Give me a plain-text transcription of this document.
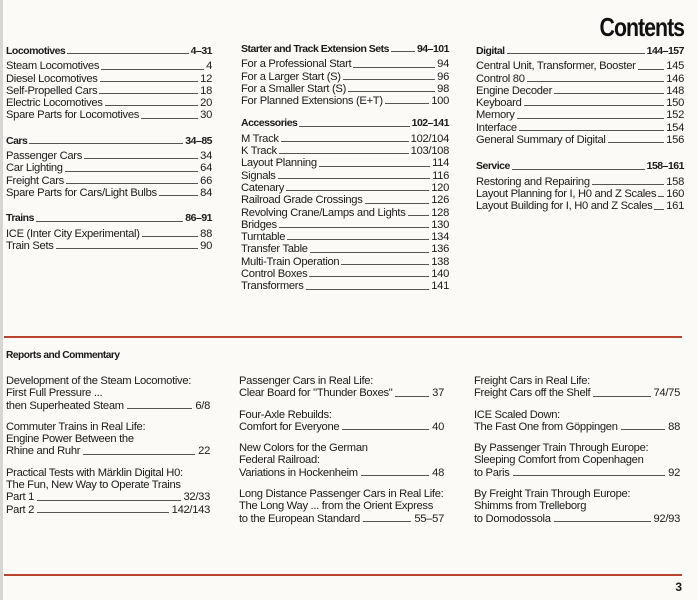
Contents
Locomotives	4–31
Steam Locomotives	4
Diesel Locomotives	12
Self-Propelled Cars	18
Electric Locomotives	20
Spare Parts for Locomotives	30
Cars	34–85
Passenger Cars	34
Car Lighting	64
Freight Cars	66
Spare Parts for Cars/Light Bulbs	84
Trains	86–91
ICE (Inter City Experimental)	88
Train Sets	90
Starter and Track Extension Sets	94–101
For a Professional Start	94
For a Larger Start (S)	96
For a Smaller Start (S)	98
For Planned Extensions (E+T)	100
Accessories	102–141
M Track	102/104
K Track	103/108
Layout Planning	114
Signals	116
Catenary	120
Railroad Grade Crossings	126
Revolving Crane/Lamps and Lights 128
Bridges	130
Turntable	134
Transfer Table	136
Multi-Train Operation	138
Control Boxes	140
Transformers	141
Digital	144–157
Central Unit, Transformer, Booster	145
Control 80	146
Engine Decoder	148
Keyboard	150
Memory	152
Interface	154
General Summary of Digital	156
Service	158–161
Restoring and Repairing	158
Layout Planning for I, H0 and Z Scales 160
Layout Building for I, H0 and Z Scales 161
Reports and Commentary
Development of the Steam Locomotive:
First Full Pressure ...
then Superheated Steam	6/8
Commuter Trains in Real Life:
Engine Power Between the
Rhine and Ruhr	22
Practical Tests with Märklin Digital H0:
The Fun, New Way to Operate Trains
Part 1	32/33
Part 2	142/143
Passenger Cars in Real Life:
Clear Board for "Thunder Boxes"	37
Four-Axle Rebuilds:
Comfort for Everyone	40
New Colors for the German
Federal Railroad:
Variations in Hockenheim	48
Long Distance Passenger Cars in Real Life:
The Long Way ... from the Orient Express
to the European Standard	55–57
Freight Cars in Real Life:
Freight Cars off the Shelf	74/75
ICE Scaled Down:
The Fast One from Göppingen	88
By Passenger Train Through Europe:
Sleeping Comfort from Copenhagen
to Paris	92
By Freight Train Through Europe:
Shimms from Trelleborg
to Domodossola	92/93
3
